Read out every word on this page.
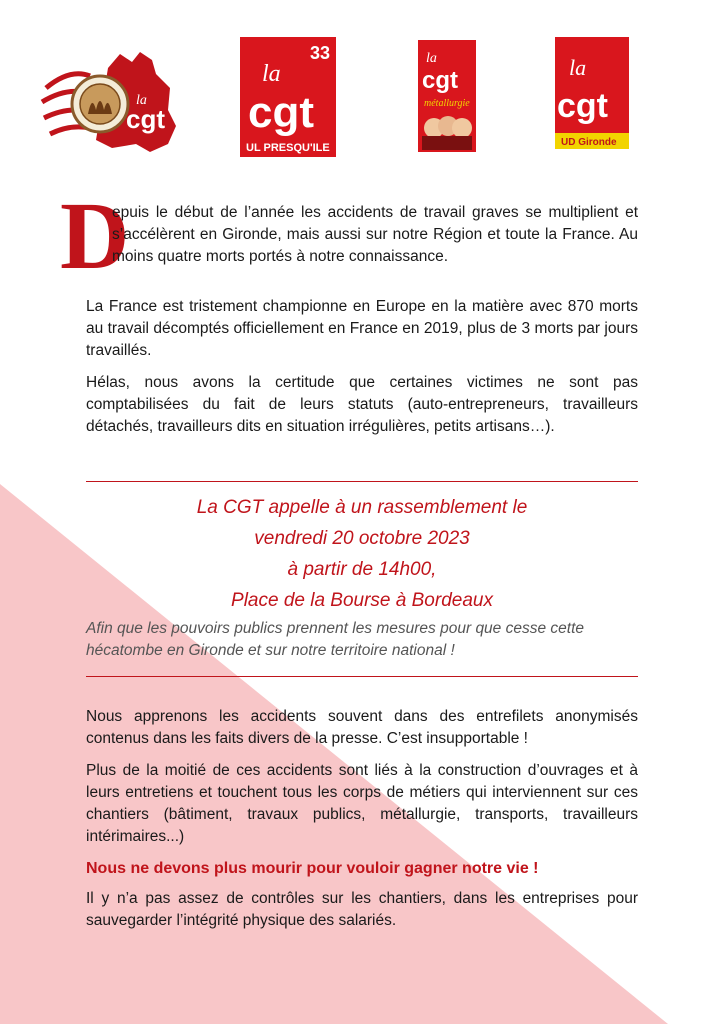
la
cgt
33
la
cgt
UL PRESQU'ILE
la
cgt
métallurgie
la
cgt
UD Gironde
D
epuis le début de l’année les accidents de travail graves se multiplient et s’accélèrent en Gironde, mais aussi sur notre Région et toute la France. Au moins quatre morts portés à notre connaissance.
La France est tristement championne en Europe en la matière avec 870 morts au travail décomptés officiellement en France en 2019, plus de 3 morts par jours travaillés.
Hélas, nous avons la certitude que certaines victimes ne sont pas comptabilisées du fait de leurs statuts (auto-entrepreneurs, travailleurs détachés, travailleurs dits en situation irrégulières, petits artisans…).
La CGT appelle à un rassemblement le
vendredi 20 octobre 2023
à partir de 14h00,
Place de la Bourse à Bordeaux
Afin que les pouvoirs publics prennent les mesures pour que cesse cette hécatombe en Gironde et sur notre territoire national !
Nous apprenons les accidents souvent dans des entrefilets anonymisés contenus dans les faits divers de la presse. C’est insupportable !
Plus de la moitié de ces accidents sont liés à la construction d’ouvrages et à leurs entretiens et touchent tous les corps de métiers qui interviennent sur ces chantiers (bâtiment, travaux publics, métallurgie, transports, travailleurs intérimaires...)
Nous ne devons plus mourir pour vouloir gagner notre vie !
Il y n’a pas assez de contrôles sur les chantiers, dans les entreprises pour sauvegarder l’intégrité physique des salariés.
